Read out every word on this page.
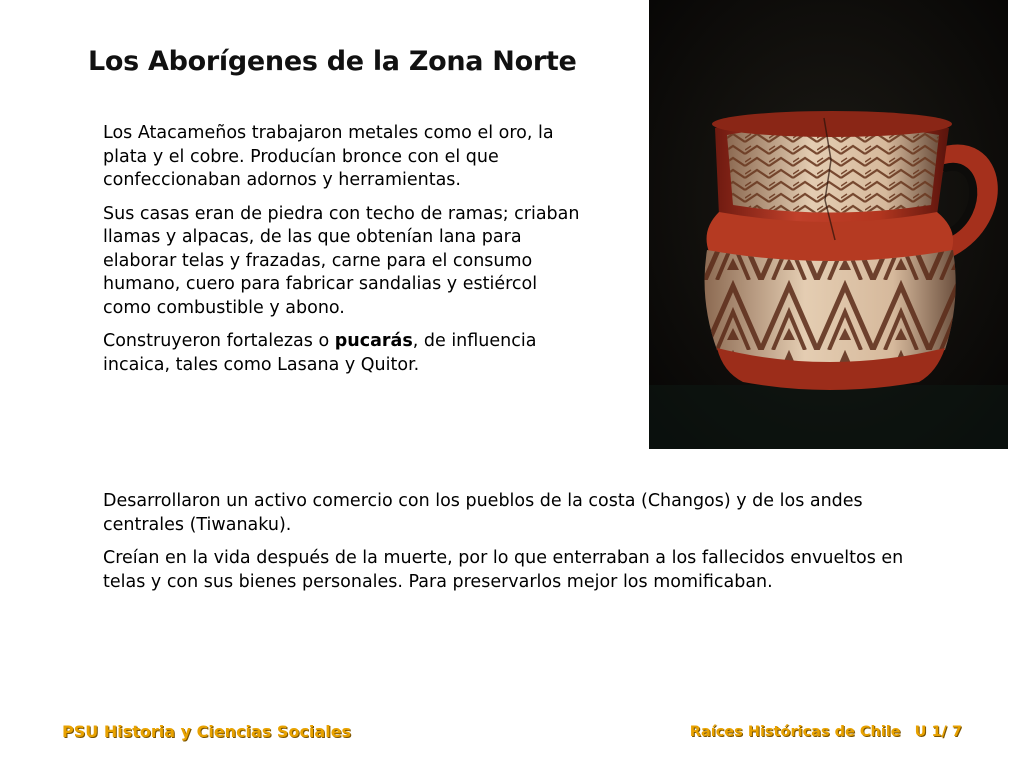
Los Aborígenes de la Zona Norte

Los Atacameños trabajaron metales como el oro, la plata y el cobre. Producían bronce con el que confeccionaban adornos y herramientas.

Sus casas eran de piedra con techo de ramas; criaban llamas y alpacas, de las que obtenían lana para elaborar telas y frazadas, carne para el consumo humano, cuero para fabricar sandalias y estiércol como combustible y abono.

Construyeron fortalezas o pucarás, de influencia incaica, tales como Lasana y Quitor.

Desarrollaron un activo comercio con los pueblos de la costa (Changos) y de los andes centrales (Tiwanaku).

Creían en la vida después de la muerte, por lo que enterraban a los fallecidos envueltos en telas y con sus bienes personales. Para preservarlos mejor los momificaban.

PSU Historia y Ciencias Sociales	Raíces Históricas de Chile U 1/ 7
